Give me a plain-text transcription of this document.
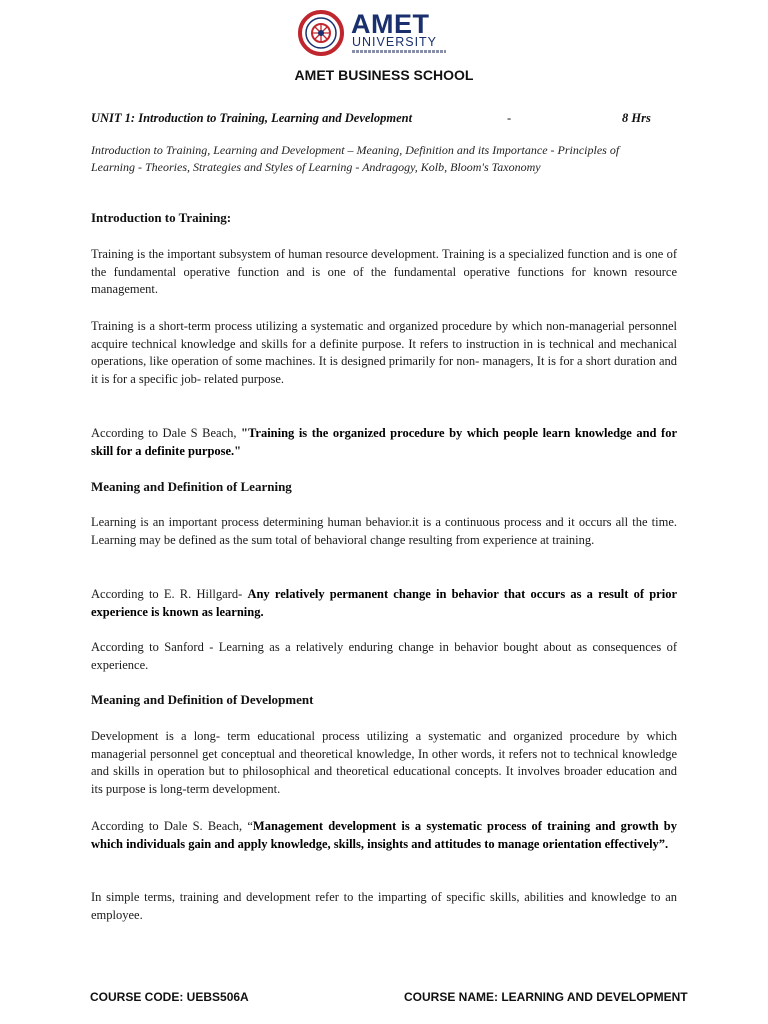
AMET
UNIVERSITY
AMET BUSINESS SCHOOL
UNIT 1: Introduction to Training, Learning and Development	-	8 Hrs
Introduction to Training, Learning and Development – Meaning, Definition and its Importance - Principles of Learning - Theories, Strategies and Styles of Learning - Andragogy, Kolb, Bloom's Taxonomy
Introduction to Training:
Training is the important subsystem of human resource development. Training is a specialized function and is one of the fundamental operative function and is one of the fundamental operative functions for known resource management.
Training is a short-term process utilizing a systematic and organized procedure by which non-managerial personnel acquire technical knowledge and skills for a definite purpose. It refers to instruction in is technical and mechanical operations, like operation of some machines. It is designed primarily for non- managers, It is for a short duration and it is for a specific job- related purpose.
According to Dale S Beach, "Training is the organized procedure by which people learn knowledge and for skill for a definite purpose."
Meaning and Definition of Learning
Learning is an important process determining human behavior.it is a continuous process and it occurs all the time. Learning may be defined as the sum total of behavioral change resulting from experience at training.
According to E. R. Hillgard- Any relatively permanent change in behavior that occurs as a result of prior experience is known as learning.
According to Sanford - Learning as a relatively enduring change in behavior bought about as consequences of experience.
Meaning and Definition of Development
Development is a long- term educational process utilizing a systematic and organized procedure by which managerial personnel get conceptual and theoretical knowledge, In other words, it refers not to technical knowledge and skills in operation but to philosophical and theoretical educational concepts. It involves broader education and its purpose is long-term development.
According to Dale S. Beach, “Management development is a systematic process of training and growth by which individuals gain and apply knowledge, skills, insights and attitudes to manage orientation effectively”.
In simple terms, training and development refer to the imparting of specific skills, abilities and knowledge to an employee.
COURSE CODE: UEBS506A	COURSE NAME: LEARNING AND DEVELOPMENT
